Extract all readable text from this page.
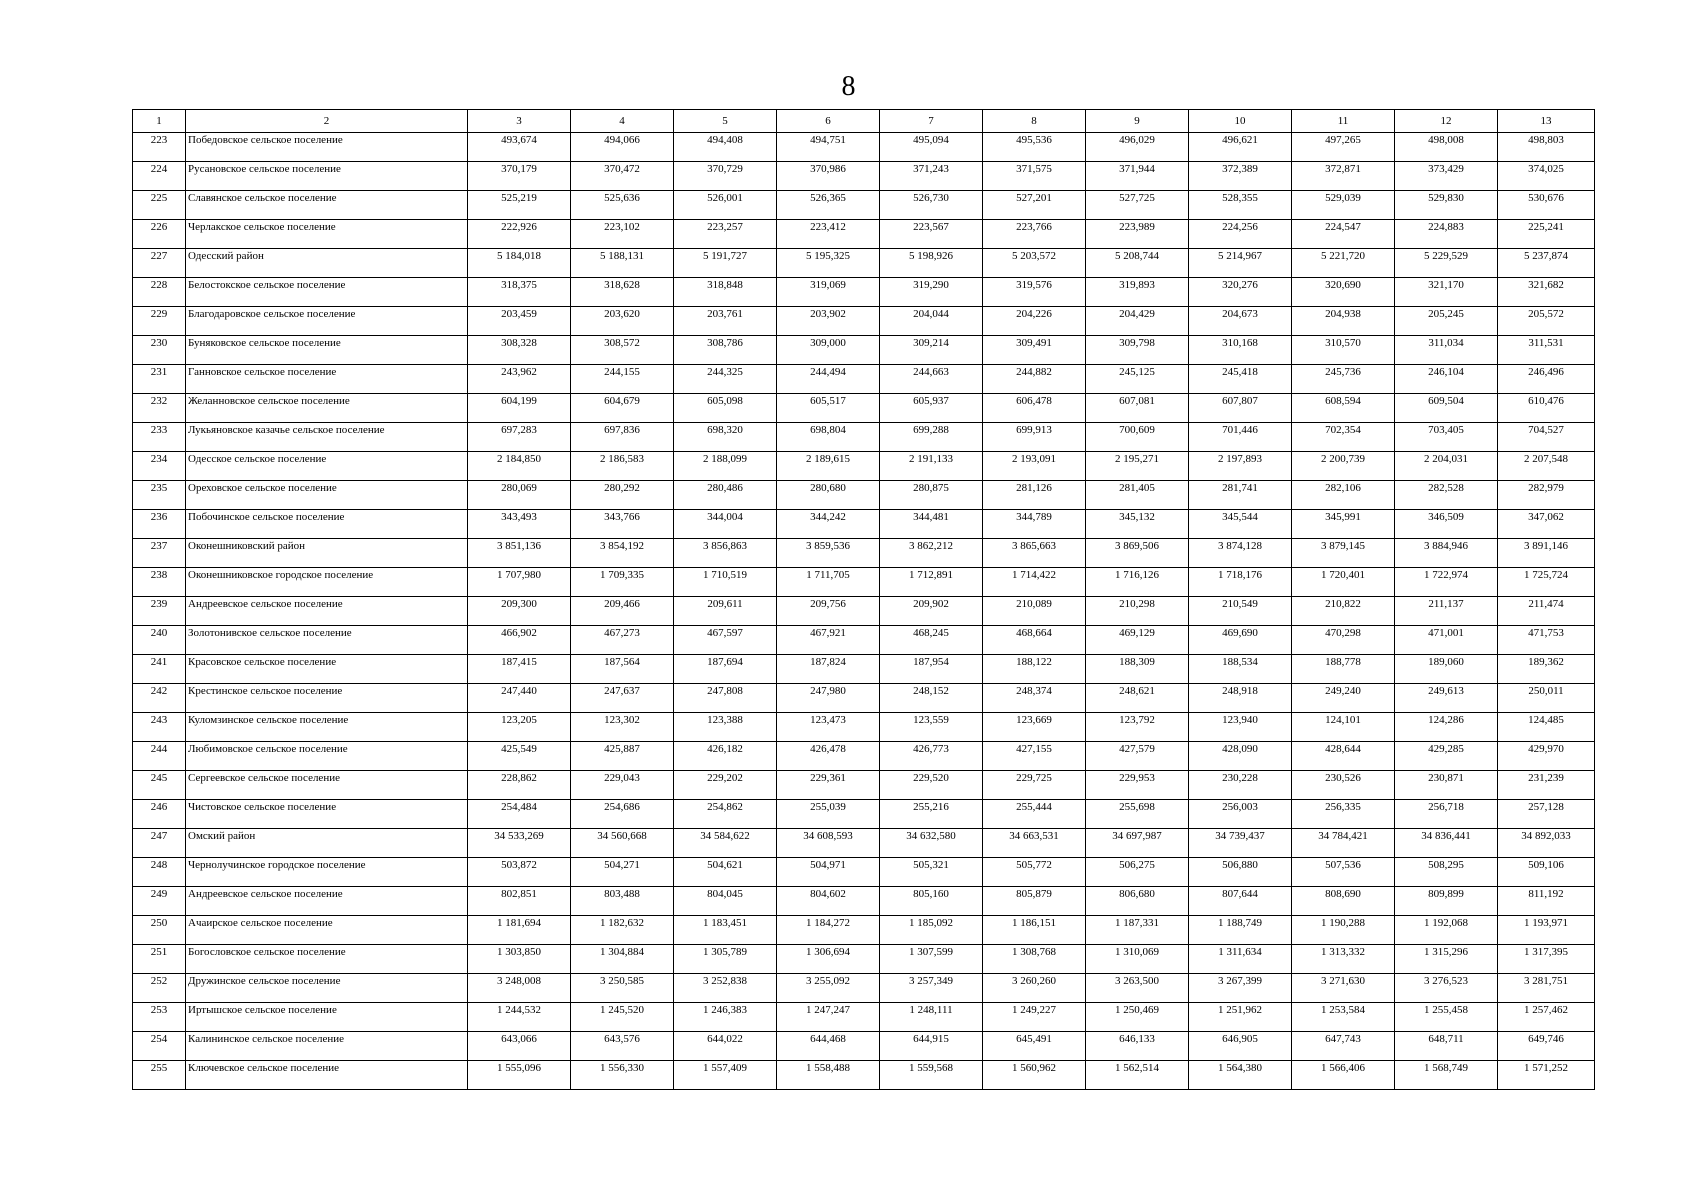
8
1	2	3	4	5	6	7	8	9	10	11	12	13
223	Победовское сельское поселение	493,674	494,066	494,408	494,751	495,094	495,536	496,029	496,621	497,265	498,008	498,803
224	Русановское сельское поселение	370,179	370,472	370,729	370,986	371,243	371,575	371,944	372,389	372,871	373,429	374,025
225	Славянское сельское поселение	525,219	525,636	526,001	526,365	526,730	527,201	527,725	528,355	529,039	529,830	530,676
226	Черлакское сельское поселение	222,926	223,102	223,257	223,412	223,567	223,766	223,989	224,256	224,547	224,883	225,241
227	Одесский район	5 184,018	5 188,131	5 191,727	5 195,325	5 198,926	5 203,572	5 208,744	5 214,967	5 221,720	5 229,529	5 237,874
228	Белостокское сельское поселение	318,375	318,628	318,848	319,069	319,290	319,576	319,893	320,276	320,690	321,170	321,682
229	Благодаровское сельское поселение	203,459	203,620	203,761	203,902	204,044	204,226	204,429	204,673	204,938	205,245	205,572
230	Буняковское сельское поселение	308,328	308,572	308,786	309,000	309,214	309,491	309,798	310,168	310,570	311,034	311,531
231	Ганновское сельское поселение	243,962	244,155	244,325	244,494	244,663	244,882	245,125	245,418	245,736	246,104	246,496
232	Желанновское сельское поселение	604,199	604,679	605,098	605,517	605,937	606,478	607,081	607,807	608,594	609,504	610,476
233	Лукьяновское казачье сельское поселение	697,283	697,836	698,320	698,804	699,288	699,913	700,609	701,446	702,354	703,405	704,527
234	Одесское сельское поселение	2 184,850	2 186,583	2 188,099	2 189,615	2 191,133	2 193,091	2 195,271	2 197,893	2 200,739	2 204,031	2 207,548
235	Ореховское сельское поселение	280,069	280,292	280,486	280,680	280,875	281,126	281,405	281,741	282,106	282,528	282,979
236	Побочинское сельское поселение	343,493	343,766	344,004	344,242	344,481	344,789	345,132	345,544	345,991	346,509	347,062
237	Оконешниковский район	3 851,136	3 854,192	3 856,863	3 859,536	3 862,212	3 865,663	3 869,506	3 874,128	3 879,145	3 884,946	3 891,146
238	Оконешниковское городское поселение	1 707,980	1 709,335	1 710,519	1 711,705	1 712,891	1 714,422	1 716,126	1 718,176	1 720,401	1 722,974	1 725,724
239	Андреевское сельское поселение	209,300	209,466	209,611	209,756	209,902	210,089	210,298	210,549	210,822	211,137	211,474
240	Золотонивское сельское поселение	466,902	467,273	467,597	467,921	468,245	468,664	469,129	469,690	470,298	471,001	471,753
241	Красовское сельское поселение	187,415	187,564	187,694	187,824	187,954	188,122	188,309	188,534	188,778	189,060	189,362
242	Крестинское сельское поселение	247,440	247,637	247,808	247,980	248,152	248,374	248,621	248,918	249,240	249,613	250,011
243	Куломзинское сельское поселение	123,205	123,302	123,388	123,473	123,559	123,669	123,792	123,940	124,101	124,286	124,485
244	Любимовское сельское поселение	425,549	425,887	426,182	426,478	426,773	427,155	427,579	428,090	428,644	429,285	429,970
245	Сергеевское сельское поселение	228,862	229,043	229,202	229,361	229,520	229,725	229,953	230,228	230,526	230,871	231,239
246	Чистовское сельское поселение	254,484	254,686	254,862	255,039	255,216	255,444	255,698	256,003	256,335	256,718	257,128
247	Омский район	34 533,269	34 560,668	34 584,622	34 608,593	34 632,580	34 663,531	34 697,987	34 739,437	34 784,421	34 836,441	34 892,033
248	Чернолучинское городское поселение	503,872	504,271	504,621	504,971	505,321	505,772	506,275	506,880	507,536	508,295	509,106
249	Андреевское сельское поселение	802,851	803,488	804,045	804,602	805,160	805,879	806,680	807,644	808,690	809,899	811,192
250	Ачаирское сельское поселение	1 181,694	1 182,632	1 183,451	1 184,272	1 185,092	1 186,151	1 187,331	1 188,749	1 190,288	1 192,068	1 193,971
251	Богословское сельское поселение	1 303,850	1 304,884	1 305,789	1 306,694	1 307,599	1 308,768	1 310,069	1 311,634	1 313,332	1 315,296	1 317,395
252	Дружинское сельское поселение	3 248,008	3 250,585	3 252,838	3 255,092	3 257,349	3 260,260	3 263,500	3 267,399	3 271,630	3 276,523	3 281,751
253	Иртышское сельское поселение	1 244,532	1 245,520	1 246,383	1 247,247	1 248,111	1 249,227	1 250,469	1 251,962	1 253,584	1 255,458	1 257,462
254	Калининское сельское поселение	643,066	643,576	644,022	644,468	644,915	645,491	646,133	646,905	647,743	648,711	649,746
255	Ключевское сельское поселение	1 555,096	1 556,330	1 557,409	1 558,488	1 559,568	1 560,962	1 562,514	1 564,380	1 566,406	1 568,749	1 571,252
